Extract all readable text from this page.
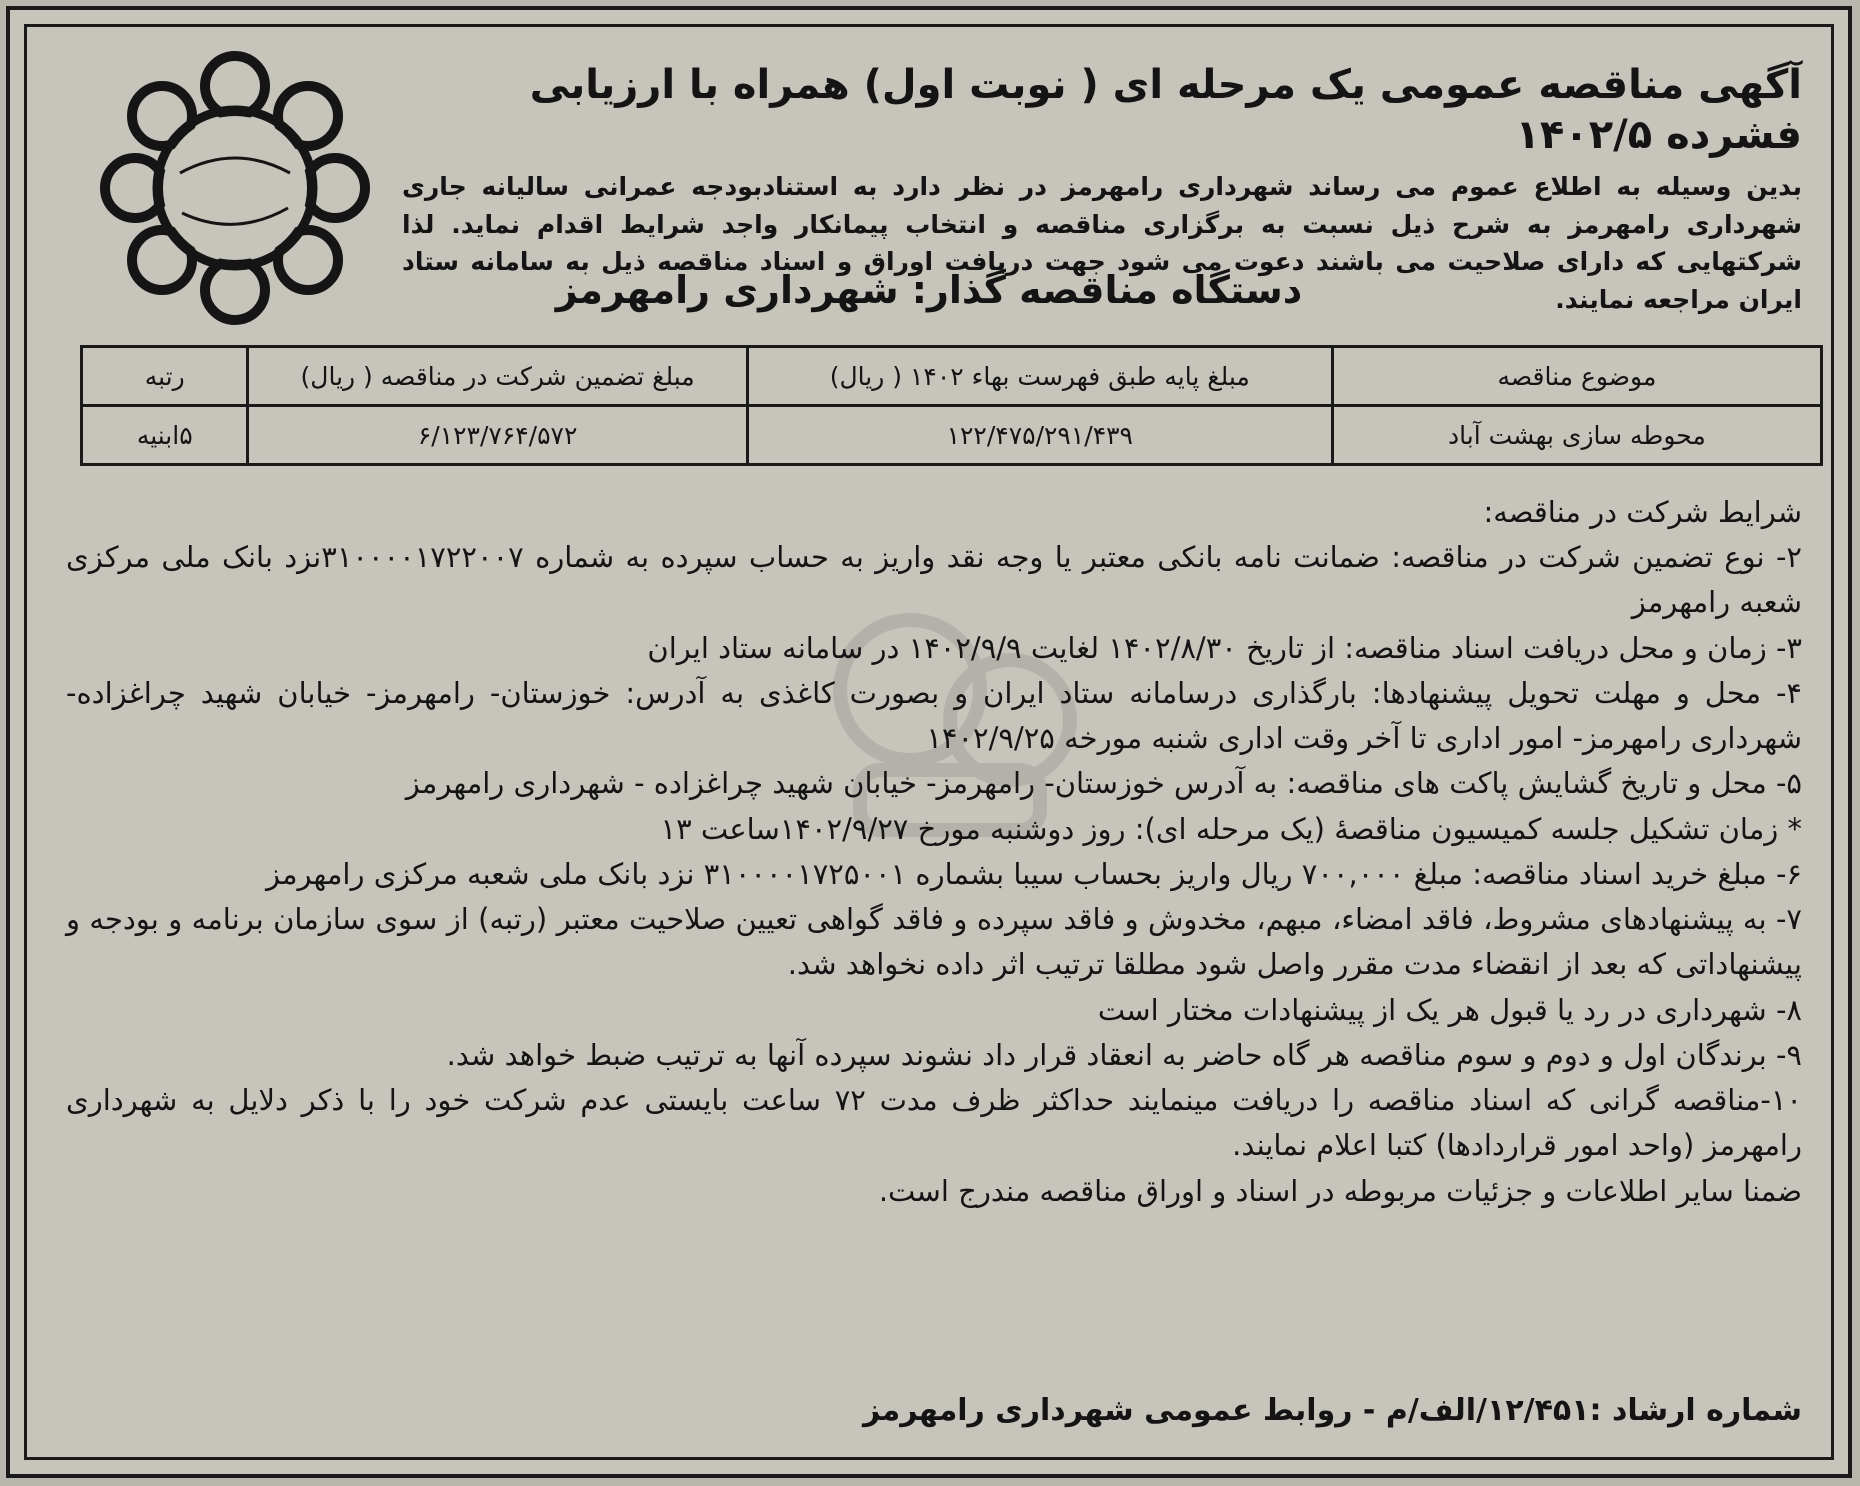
آگهی مناقصه عمومی یک مرحله ای ( نوبت اول) همراه با ارزیابی فشرده ۱۴۰۲/۵
بدین وسیله به اطلاع عموم می رساند شهرداری رامهرمز در نظر دارد به استنادبودجه عمرانی سالیانه جاری شهرداری رامهرمز به شرح ذیل نسبت به برگزاری مناقصه و انتخاب پیمانکار واجد شرایط اقدام نماید. لذا شرکتهایی که دارای صلاحیت می باشند دعوت می شود جهت دریافت اوراق و اسناد مناقصه ذیل به سامانه ستاد ایران مراجعه نمایند.
دستگاه مناقصه گذار: شهرداری رامهرمز
موضوع مناقصه	مبلغ پایه طبق فهرست بهاء ۱۴۰۲ ( ریال)	مبلغ تضمین شرکت در مناقصه ( ریال)	رتبه
محوطه سازی بهشت آباد	۱۲۲/۴۷۵/۲۹۱/۴۳۹	۶/۱۲۳/۷۶۴/۵۷۲	۵ابنیه

شرایط شرکت در مناقصه:

۲- نوع تضمین شرکت در مناقصه: ضمانت نامه بانکی معتبر یا وجه نقد واریز به حساب سپرده به شماره ۳۱۰۰۰۰۱۷۲۲۰۰۷نزد بانک ملی مرکزی شعبه رامهرمز

۳- زمان و محل دریافت اسناد مناقصه: از تاریخ ۱۴۰۲/۸/۳۰ لغایت ۱۴۰۲/۹/۹ در سامانه ستاد ایران

۴- محل و مهلت تحویل پیشنهادها: بارگذاری درسامانه ستاد ایران و بصورت کاغذی به آدرس: خوزستان- رامهرمز- خیابان شهید چراغزاده- شهرداری رامهرمز- امور اداری تا آخر وقت اداری شنبه مورخه ۱۴۰۲/۹/۲۵

۵- محل و تاریخ گشایش پاکت های مناقصه: به آدرس خوزستان- رامهرمز- خیابان شهید چراغزاده - شهرداری رامهرمز

* زمان تشکیل جلسه کمیسیون مناقصهٔ (یک مرحله ای): روز دوشنبه مورخ ۱۴۰۲/۹/۲۷ساعت ۱۳

۶- مبلغ خرید اسناد مناقصه: مبلغ ۷۰۰,۰۰۰ ریال واریز بحساب سیبا بشماره ۳۱۰۰۰۰۱۷۲۵۰۰۱ نزد بانک ملی شعبه مرکزی رامهرمز

۷- به پیشنهادهای مشروط، فاقد امضاء، مبهم، مخدوش و فاقد سپرده و فاقد گواهی تعیین صلاحیت معتبر (رتبه) از سوی سازمان برنامه و بودجه و پیشنهاداتی که بعد از انقضاء مدت مقرر واصل شود مطلقا ترتیب اثر داده نخواهد شد.

۸- شهرداری در رد یا قبول هر یک از پیشنهادات مختار است

۹- برندگان اول و دوم و سوم مناقصه هر گاه حاضر به انعقاد قرار داد نشوند سپرده آنها به ترتیب ضبط خواهد شد.

۱۰-مناقصه گرانی که اسناد مناقصه را دریافت مینمایند حداکثر ظرف مدت ۷۲ ساعت بایستی عدم شرکت خود را با ذکر دلایل به شهرداری رامهرمز (واحد امور قراردادها) کتبا اعلام نمایند.

ضمنا سایر اطلاعات و جزئیات مربوطه در اسناد و اوراق مناقصه مندرج است.

شماره ارشاد :۱۲/۴۵۱/الف/م - روابط عمومی شهرداری رامهرمز
